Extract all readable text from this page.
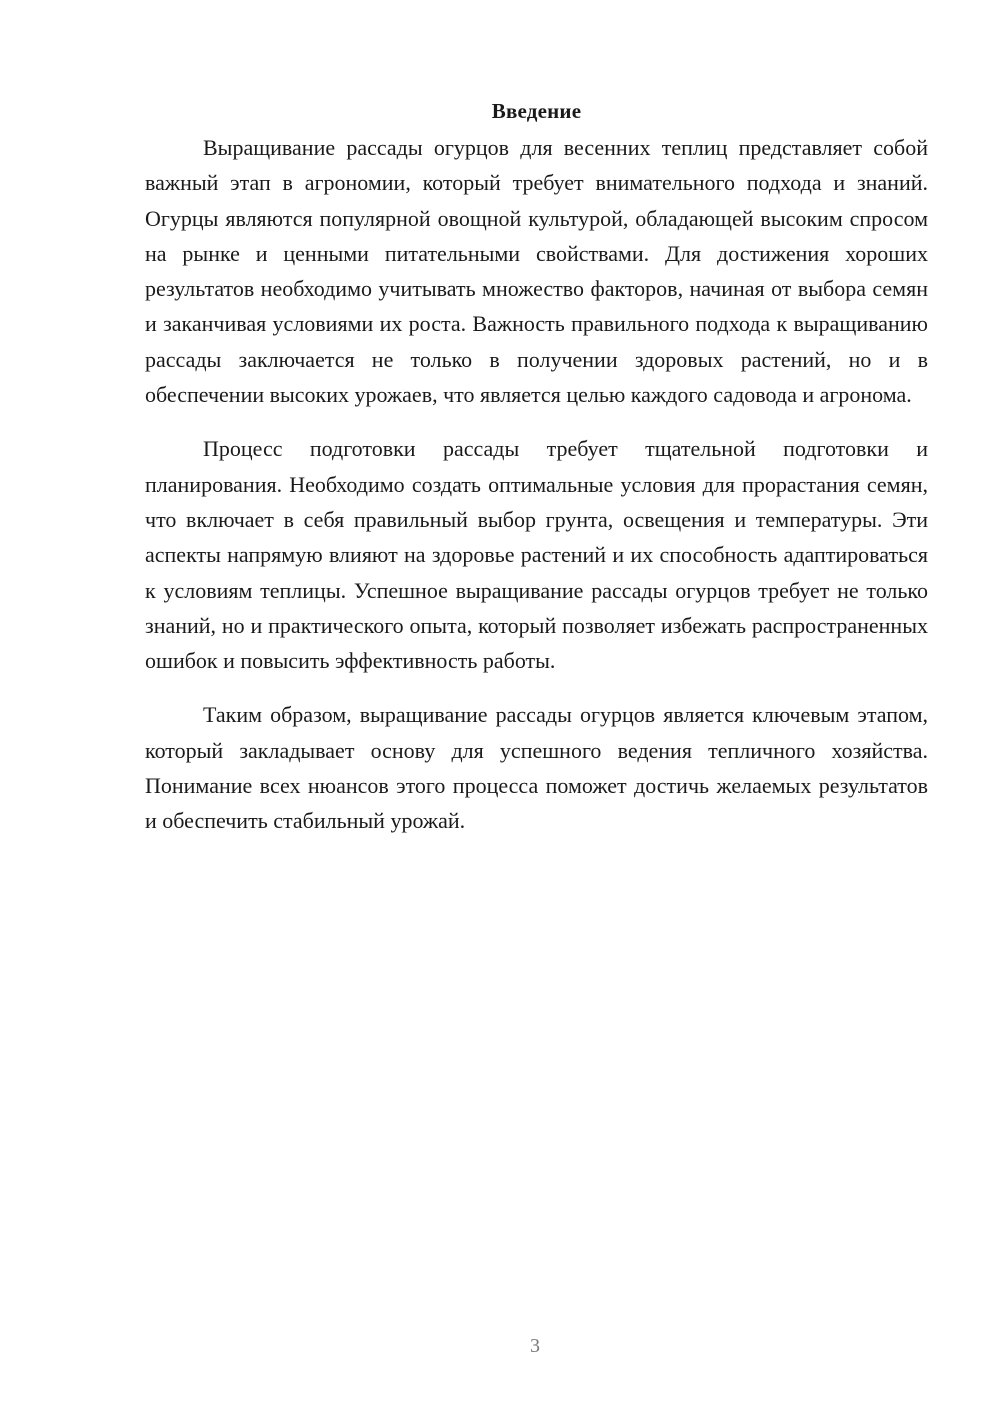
Введение

Выращивание рассады огурцов для весенних теплиц представляет собой важный этап в агрономии, который требует внимательного подхода и знаний. Огурцы являются популярной овощной культурой, обладающей высоким спросом на рынке и ценными питательными свойствами. Для достижения хороших результатов необходимо учитывать множество факторов, начиная от выбора семян и заканчивая условиями их роста. Важность правильного подхода к выращиванию рассады заключается не только в получении здоровых растений, но и в обеспечении высоких урожаев, что является целью каждого садовода и агронома.

Процесс подготовки рассады требует тщательной подготовки и планирования. Необходимо создать оптимальные условия для прорастания семян, что включает в себя правильный выбор грунта, освещения и температуры. Эти аспекты напрямую влияют на здоровье растений и их способность адаптироваться к условиям теплицы. Успешное выращивание рассады огурцов требует не только знаний, но и практического опыта, который позволяет избежать распространенных ошибок и повысить эффективность работы.

Таким образом, выращивание рассады огурцов является ключевым этапом, который закладывает основу для успешного ведения тепличного хозяйства. Понимание всех нюансов этого процесса поможет достичь желаемых результатов и обеспечить стабильный урожай.

3
